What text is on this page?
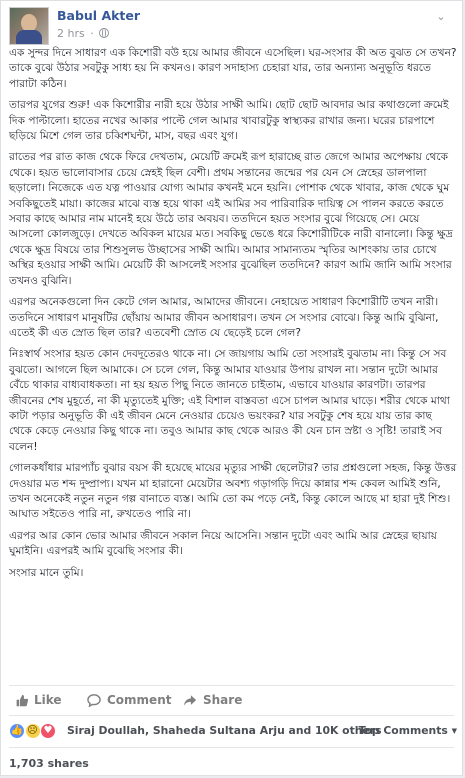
Babul Akter
2 hrs ·
⌄

এক সুন্দর দিনে সাধারণ এক কিশোরী বউ হয়ে আমার জীবনে এসেছিল। ঘর-সংসার কী অত বুঝত সে তখন? তাকে বুঝে উঠার সবটুকু সাধ্য হয় নি কখনও। কারণ সদাহাস্য চেহারা যার, তার অন্যান্য অনুভূতি ধরতে পারাটা কঠিন।

তারপর যুগের শুরু! এক কিশোরীর নারী হয়ে উঠার সাক্ষী আমি। ছোট ছোট আবদার আর কথাগুলো ক্রমেই দিক পাল্টালো। হাতের নখের আকার পাল্টে গেল আমার খাবারটুকু স্বাস্থ্যকর রাখার জন্য। ঘরের চারপাশে ছড়িয়ে মিশে গেল তার চব্বিশঘন্টা, মাস, বছর এবং যুগ।

রাতের পর রাত কাজ থেকে ফিরে দেখতাম, মেয়েটি ক্রমেই রূপ হারাচ্ছে রাত জেগে আমার অপেক্ষায় থেকে থেকে। হয়ত ভালোবাসার চেয়ে স্নেহই ছিল বেশী। প্রথম সন্তানের জন্মের পর যেন সে স্নেহের ডালপালা ছড়ালো। নিজেকে এত যত্ন পাওয়ার যোগ্য আমার কখনই মনে হয়নি। পোশাক থেকে খাবার, কাজ থেকে ঘুম সবকিছুতেই মায়া। কাজের মাঝে ব্যস্ত হয়ে থাকা এই আমির সব পারিবারিক দায়িত্ব সে পালন করতে করতে সবার কাছে আমার নাম মানেই হয়ে উঠে তার অবয়ব। ততদিনে হয়ত সংসার বুঝে গিয়েছে সে। মেয়ে আসলো কোলজুড়ে। দেখতে অবিকল মায়ের মত। সবকিছু ভেঙে ধরে কিশোরীটিকে নারী বানালো। কিন্তু ক্ষুদ্র থেকে ক্ষুদ্র বিষয়ে তার শিশুসুলভ উচ্ছাসের সাক্ষী আমি। আমার সামান্যতম স্মৃতির আশংকায় তার চোখে অস্থির হওয়ার সাক্ষী আমি। মেয়েটি কী আসলেই সংসার বুঝেছিল ততদিনে? কারণ আমি জানি আমি সংসার তখনও বুঝিনি।

এরপর অনেকগুলো দিন কেটে গেল আমার, আমাদের জীবনে। নেহায়েত সাধারণ কিশোরীটি তখন নারী। ততদিনে সাধারণ মানুষটির ছোঁয়ায় আমার জীবন অসাধারণ। তখন সে সংসার বোঝে। কিন্তু আমি বুঝিনা, এতেই কী এত স্রোত ছিল তার? এতবেশী স্রোত যে ছেড়েই চলে গেল?

নিঃস্বার্থ সংসার হয়ত কোন দেবদূতেরও থাকে না। সে জায়গায় আমি তো সংসারই বুঝতাম না। কিন্তু সে সব বুঝতো। আগলে ছিল আমাকে। সে চলে গেল, কিন্তু আমার যাওয়ার উপায় রাখল না। সন্তান দুটো আমার বেঁচে থাকার বাধ্যবাধকতা। না হয় হয়ত পিছু নিতে জানতে চাইতাম, এভাবে যাওয়ার কারণটা। তারপর জীবনের শেষ মুহূর্তে, না কী মৃত্যুতেই মুক্তি; এই বিশাল বাস্তবতা এসে চাপল আমার ঘাড়ে। শরীর থেকে মাথা কাটা পড়ার অনুভূতি কী এই জীবন মেনে নেওয়ার চেয়েও ভয়ংকর? যার সবটুকু শেষ হয়ে যায় তার কাছ থেকে কেড়ে নেওয়ার কিছু থাকে না। তবুও আমার কাছ থেকে আরও কী যেন চান স্রষ্টা ও সৃষ্টি! তারাই সব বলেন!

গোলকধাঁধার মারপ্যাঁচ বুঝার বয়স কী হয়েছে মায়ের মৃত্যুর সাক্ষী ছেলেটার? তার প্রশ্নগুলো সহজ, কিন্তু উত্তর দেওয়ার মত শব্দ দুষ্প্রাপ্য। যখন মা হারানো মেয়েটার অবশ্য গড়াগড়ি দিয়ে কান্নার শব্দ কেবল আমিই শুনি, তখন অনেকেই নতুন নতুন গল্প বানাতে ব্যস্ত। আমি তো কম পড়ে নেই, কিন্তু কোলে আছে মা হারা দুই শিশু। আঘাত সইতেও পারি না, রুখতেও পারি না।

এরপর আর কোন ভোর আমার জীবনে সকাল নিয়ে আসেনি। সন্তান দুটো এবং আমি আর স্নেহের ছায়ায় ঘুমাইনি। এরপরই আমি বুঝেছি সংসার কী।

সংসার মানে তুমি।

Like	Comment	Share
👍 ☹ ♥ Siraj Doullah, Shaheda Sultana Arju and 10K others
Top Comments ▾
1,703 shares
